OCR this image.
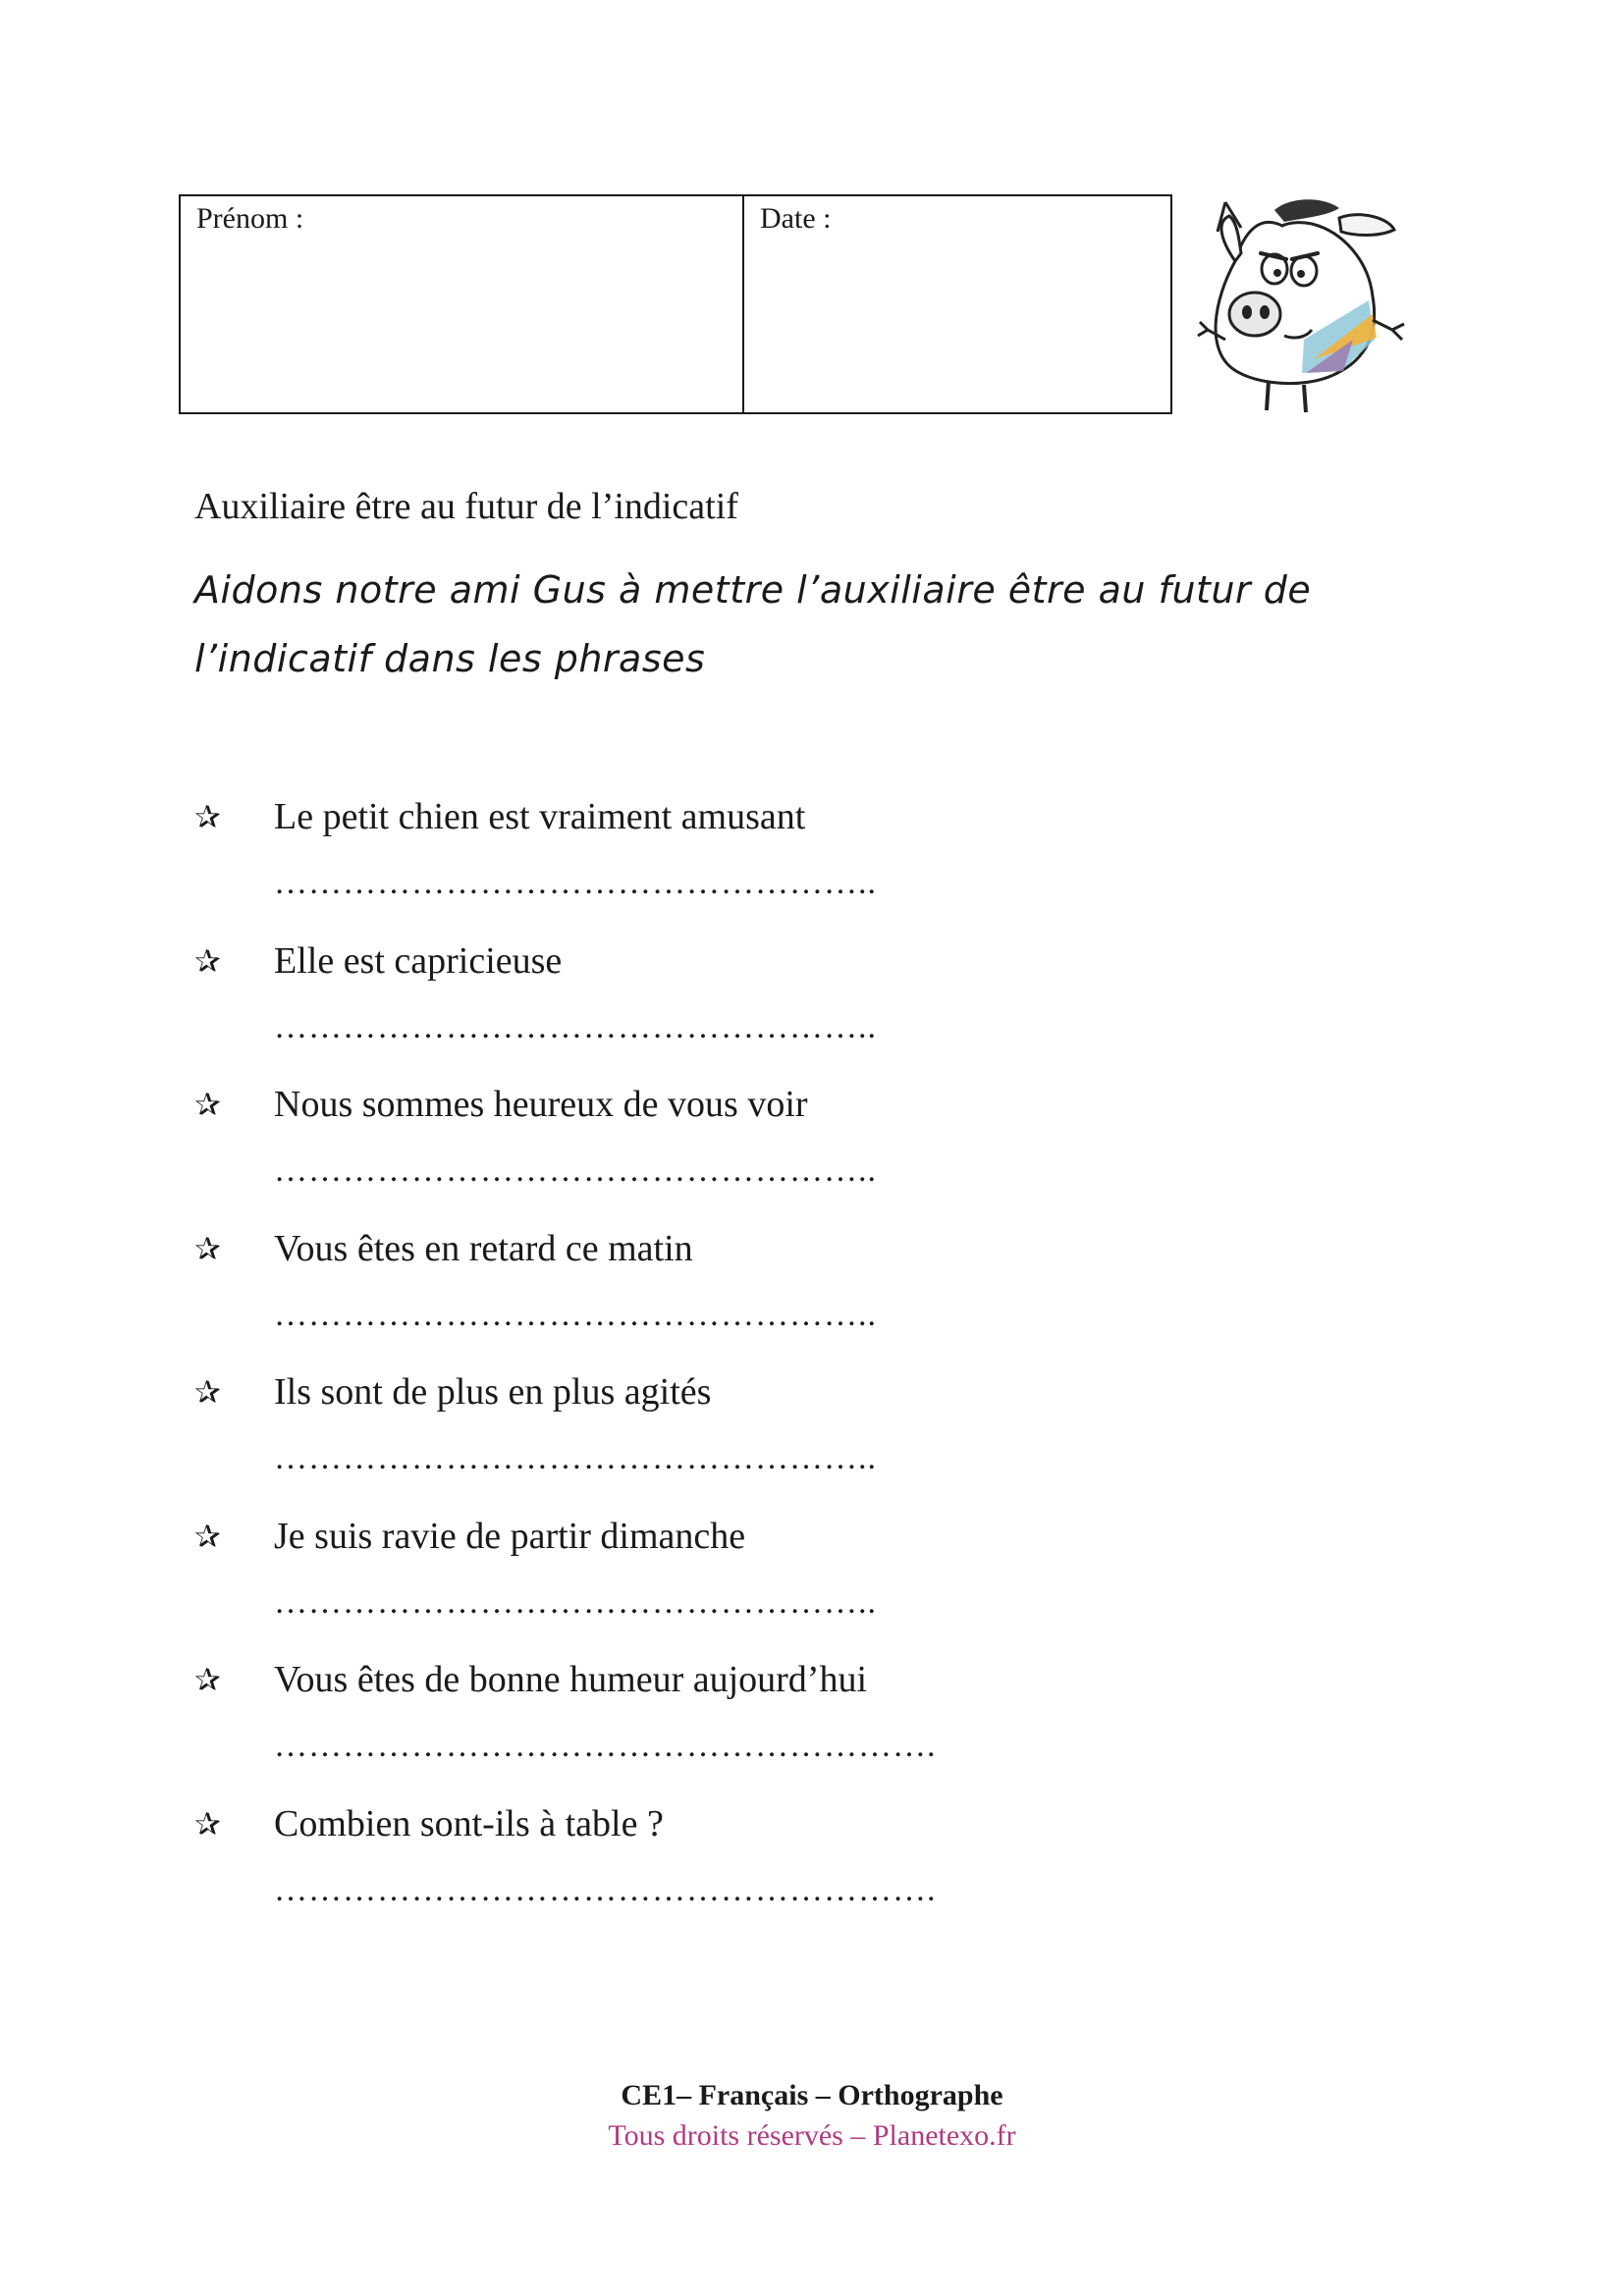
Prénom :	Date :
Auxiliaire être au futur de l’indicatif
Aidons notre ami Gus à mettre l’auxiliaire être au futur de l’indicatif dans les phrases
✰ Le petit chien est vraiment amusant
……………………………………………..
✰ Elle est capricieuse
……………………………………………..
✰ Nous sommes heureux de vous voir
……………………………………………..
✰ Vous êtes en retard ce matin
……………………………………………..
✰ Ils sont de plus en plus agités
……………………………………………..
✰ Je suis ravie de partir dimanche
……………………………………………..
✰ Vous êtes de bonne humeur aujourd’hui
………………………………………………….
✰ Combien sont-ils à table ?
………………………………………………….
CE1– Français – Orthographe
Tous droits réservés – Planetexo.fr
